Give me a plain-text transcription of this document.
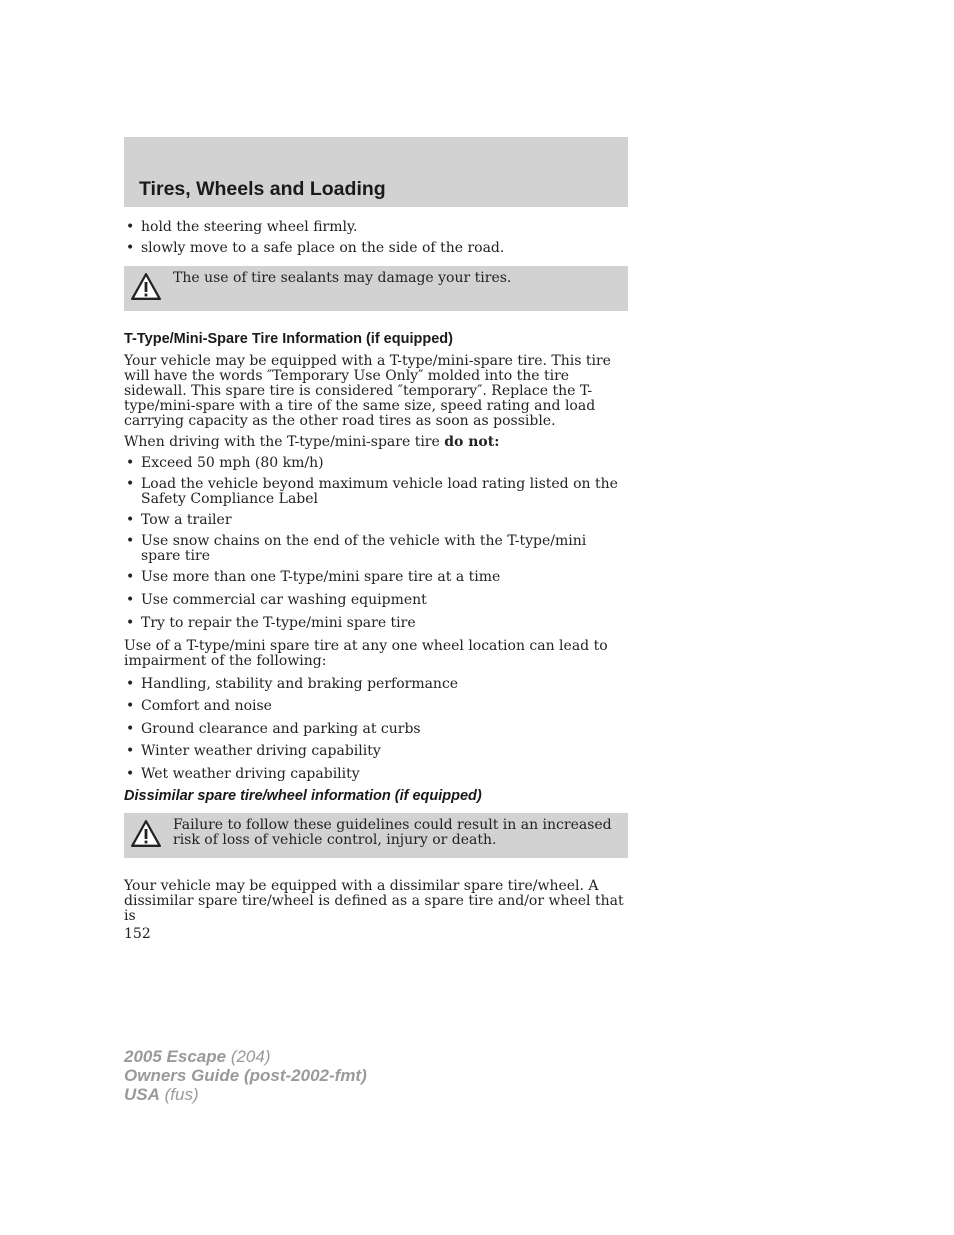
Tires, Wheels and Loading
• hold the steering wheel firmly.
• slowly move to a safe place on the side of the road.
The use of tire sealants may damage your tires.
T-Type/Mini-Spare Tire Information (if equipped)

Your vehicle may be equipped with a T-type/mini-spare tire. This tire will have the words ″Temporary Use Only″ molded into the tire sidewall. This spare tire is considered ″temporary″. Replace the T-type/mini-spare with a tire of the same size, speed rating and load carrying capacity as the other road tires as soon as possible.

When driving with the T-type/mini-spare tire do not:

• Exceed 50 mph (80 km/h)
• Load the vehicle beyond maximum vehicle load rating listed on the Safety Compliance Label
• Tow a trailer
• Use snow chains on the end of the vehicle with the T-type/mini spare tire
• Use more than one T-type/mini spare tire at a time
• Use commercial car washing equipment
• Try to repair the T-type/mini spare tire

Use of a T-type/mini spare tire at any one wheel location can lead to impairment of the following:

• Handling, stability and braking performance
• Comfort and noise
• Ground clearance and parking at curbs
• Winter weather driving capability
• Wet weather driving capability
Dissimilar spare tire/wheel information (if equipped)
Failure to follow these guidelines could result in an increased risk of loss of vehicle control, injury or death.

Your vehicle may be equipped with a dissimilar spare tire/wheel. A dissimilar spare tire/wheel is defined as a spare tire and/or wheel that is

152
2005 Escape (204)
Owners Guide (post-2002-fmt)
USA (fus)
